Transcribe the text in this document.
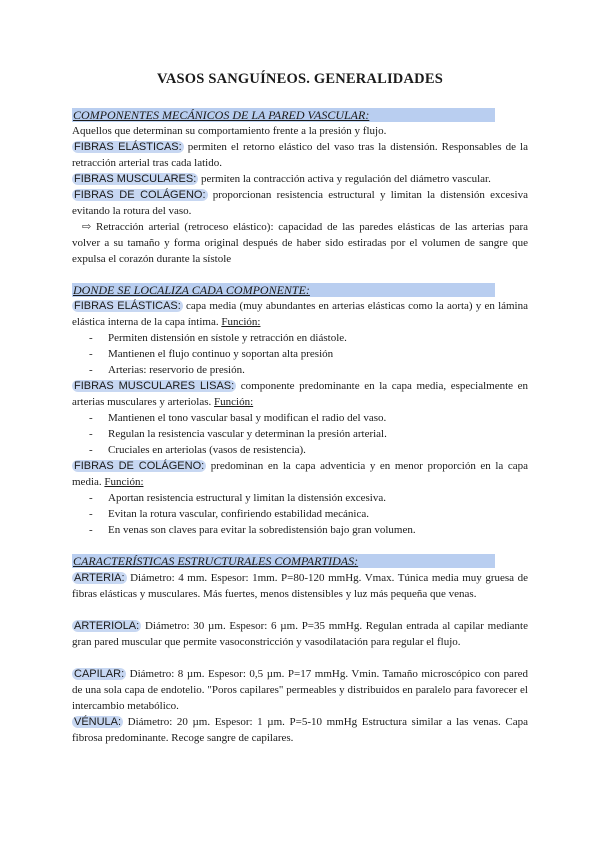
VASOS SANGUÍNEOS. GENERALIDADES
COMPONENTES MECÁNICOS DE LA PARED VASCULAR:
Aquellos que determinan su comportamiento frente a la presión y flujo.
FIBRAS ELÁSTICAS: permiten el retorno elástico del vaso tras la distensión. Responsables de la retracción arterial tras cada latido.
FIBRAS MUSCULARES: permiten la contracción activa y regulación del diámetro vascular.
FIBRAS DE COLÁGENO: proporcionan resistencia estructural y limitan la distensión excesiva evitando la rotura del vaso.
⇨ Retracción arterial (retroceso elástico): capacidad de las paredes elásticas de las arterias para volver a su tamaño y forma original después de haber sido estiradas por el volumen de sangre que expulsa el corazón durante la sístole
DONDE SE LOCALIZA CADA COMPONENTE:
FIBRAS ELÁSTICAS: capa media (muy abundantes en arterias elásticas como la aorta) y en lámina elástica interna de la capa íntima. Función:
- Permiten distensión en sístole y retracción en diástole.
- Mantienen el flujo continuo y soportan alta presión
- Arterias: reservorio de presión.
FIBRAS MUSCULARES LISAS: componente predominante en la capa media, especialmente en arterias musculares y arteriolas. Función:
- Mantienen el tono vascular basal y modifican el radio del vaso.
- Regulan la resistencia vascular y determinan la presión arterial.
- Cruciales en arteriolas (vasos de resistencia).
FIBRAS DE COLÁGENO: predominan en la capa adventicia y en menor proporción en la capa media. Función:
- Aportan resistencia estructural y limitan la distensión excesiva.
- Evitan la rotura vascular, confiriendo estabilidad mecánica.
- En venas son claves para evitar la sobredistensión bajo gran volumen.
CARACTERÍSTICAS ESTRUCTURALES COMPARTIDAS:
ARTERIA: Diámetro: 4 mm. Espesor: 1mm. P=80-120 mmHg. Vmax. Túnica media muy gruesa de fibras elásticas y musculares. Más fuertes, menos distensibles y luz más pequeña que venas.
ARTERIOLA: Diámetro: 30 µm. Espesor: 6 µm. P=35 mmHg. Regulan entrada al capilar mediante gran pared muscular que permite vasoconstricción y vasodilatación para regular el flujo.
CAPILAR: Diámetro: 8 µm. Espesor: 0,5 µm. P=17 mmHg. Vmin. Tamaño microscópico con pared de una sola capa de endotelio. "Poros capilares" permeables y distribuidos en paralelo para favorecer el intercambio metabólico.
VÉNULA: Diámetro: 20 µm. Espesor: 1 µm. P=5-10 mmHg Estructura similar a las venas. Capa fibrosa predominante. Recoge sangre de capilares.
